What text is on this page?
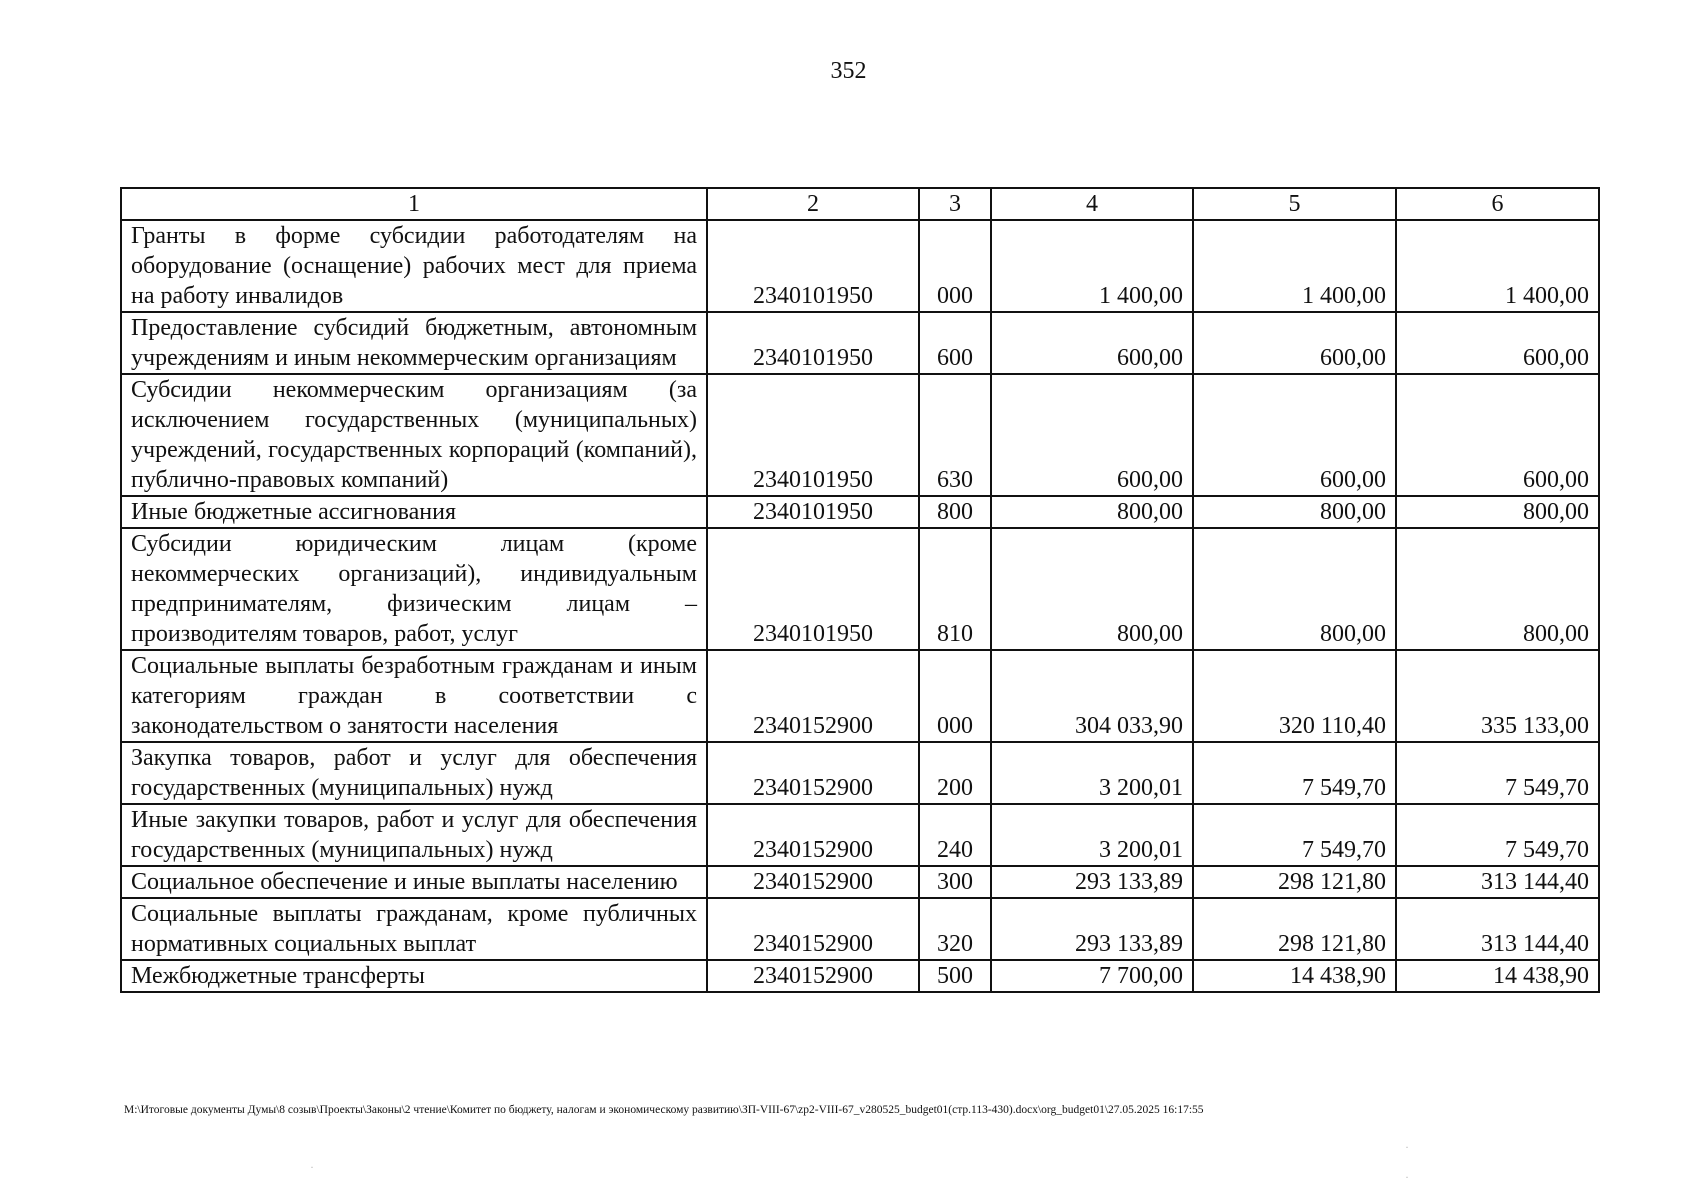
352
1	2	3	4	5	6
Гранты в форме субсидии работодателям на оборудование (оснащение) рабочих мест для приема на работу инвалидов	2340101950	000	1 400,00	1 400,00	1 400,00
Предоставление субсидий бюджетным, автономным учреждениям и иным некоммерческим организациям	2340101950	600	600,00	600,00	600,00
Субсидии некоммерческим организациям (за исключением государственных (муниципальных) учреждений, государственных корпораций (компаний), публично-правовых компаний)	2340101950	630	600,00	600,00	600,00
Иные бюджетные ассигнования	2340101950	800	800,00	800,00	800,00
Субсидии юридическим лицам (кроме некоммерческих организаций), индивидуальным предпринимателям, физическим лицам – производителям товаров, работ, услуг	2340101950	810	800,00	800,00	800,00
Социальные выплаты безработным гражданам и иным категориям граждан в соответствии с законодательством о занятости населения	2340152900	000	304 033,90	320 110,40	335 133,00
Закупка товаров, работ и услуг для обеспечения государственных (муниципальных) нужд	2340152900	200	3 200,01	7 549,70	7 549,70
Иные закупки товаров, работ и услуг для обеспечения государственных (муниципальных) нужд	2340152900	240	3 200,01	7 549,70	7 549,70
Социальное обеспечение и иные выплаты населению	2340152900	300	293 133,89	298 121,80	313 144,40
Социальные выплаты гражданам, кроме публичных нормативных социальных выплат	2340152900	320	293 133,89	298 121,80	313 144,40
Межбюджетные трансферты	2340152900	500	7 700,00	14 438,90	14 438,90
M:\Итоговые документы Думы\8 созыв\Проекты\Законы\2 чтение\Комитет по бюджету, налогам и экономическому развитию\ЗП-VIII-67\zp2-VIII-67_v280525_budget01(стр.113-430).docx\org_budget01\27.05.2025 16:17:55
·
·
·
